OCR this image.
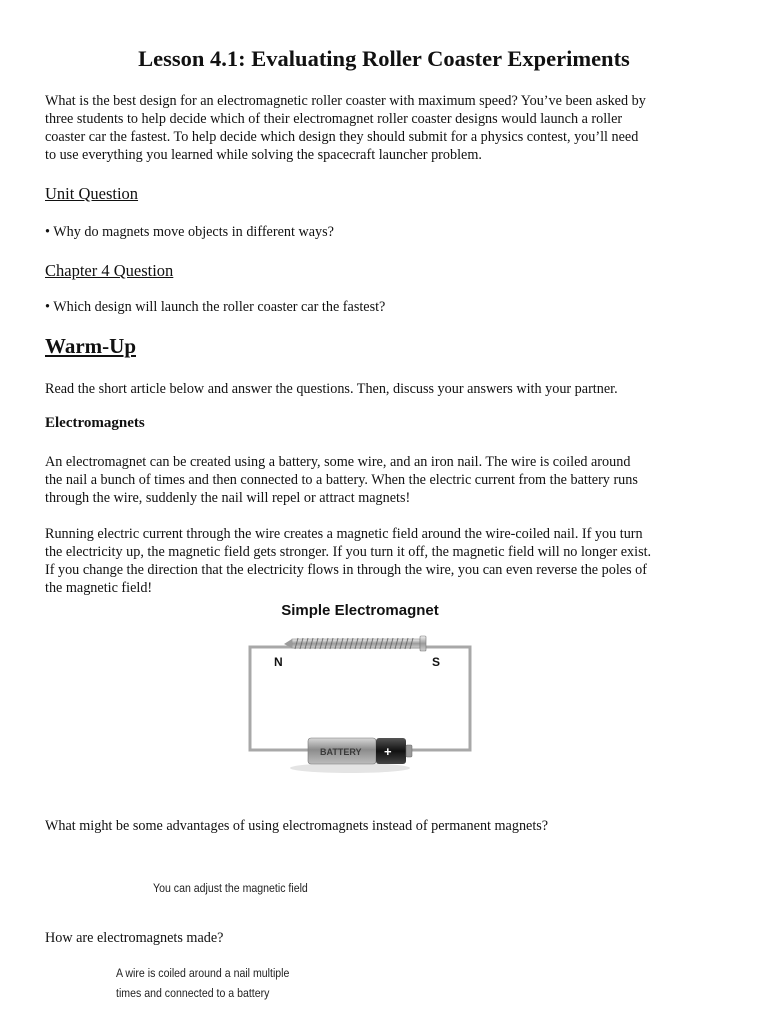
Lesson 4.1: Evaluating Roller Coaster Experiments
What is the best design for an electromagnetic roller coaster with maximum speed? You’ve been asked by
three students to help decide which of their electromagnet roller coaster designs would launch a roller
coaster car the fastest. To help decide which design they should submit for a physics contest, you’ll need
to use everything you learned while solving the spacecraft launcher problem.
Unit Question
• Why do magnets move objects in different ways?
Chapter 4 Question
• Which design will launch the roller coaster car the fastest?
Warm-Up
Read the short article below and answer the questions. Then, discuss your answers with your partner.
Electromagnets
An electromagnet can be created using a battery, some wire, and an iron nail. The wire is coiled around
the nail a bunch of times and then connected to a battery. When the electric current from the battery runs
through the wire, suddenly the nail will repel or attract magnets!
Running electric current through the wire creates a magnetic field around the wire-coiled nail. If you turn
the electricity up, the magnetic field gets stronger. If you turn it off, the magnetic field will no longer exist.
If you change the direction that the electricity flows in through the wire, you can even reverse the poles of
the magnetic field!
Simple Electromagnet
N	S
BATTERY +
What might be some advantages of using electromagnets instead of permanent magnets?
You can adjust the magnetic field
How are electromagnets made?
A wire is coiled around a nail multiple
times and connected to a battery
